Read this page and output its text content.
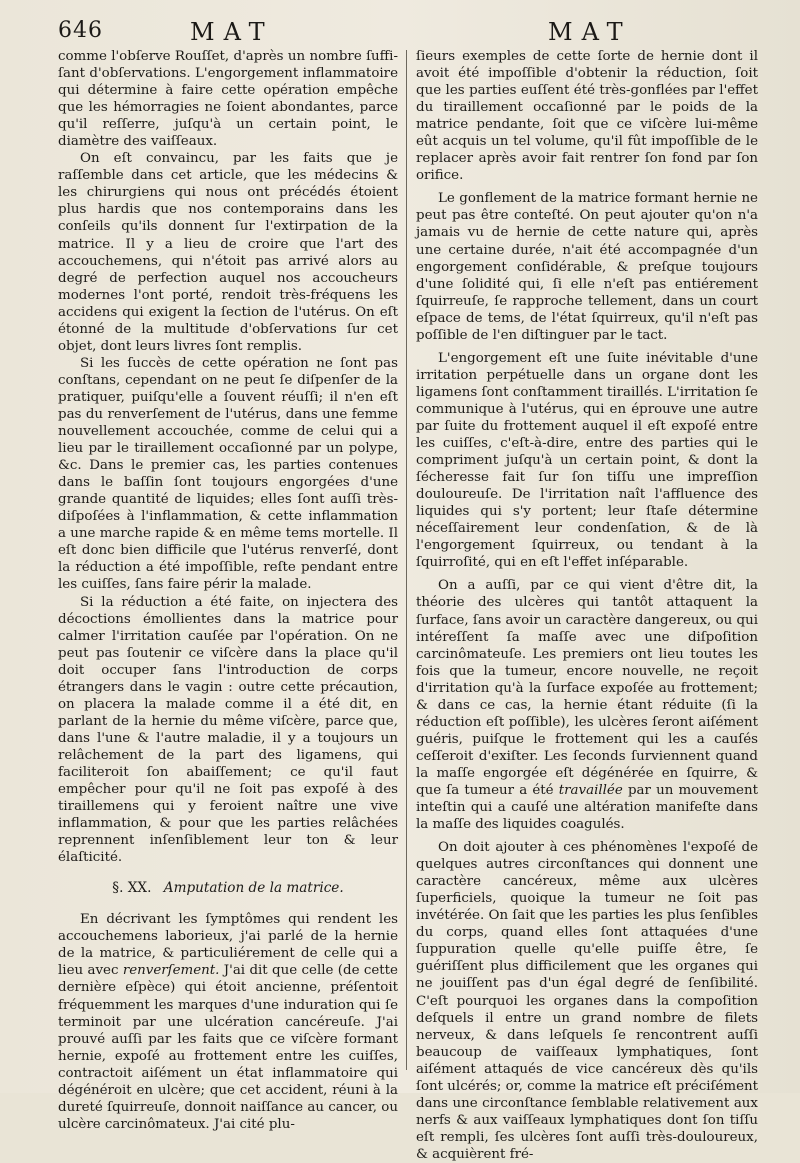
646	MAT	MAT

comme l'obſerve Rouſſet, d'après un nombre ſuffiſant d'obſervations. L'engorgement inflammatoire qui détermine à faire cette opération empêche que les hémorragies ne ſoient abondantes, parce qu'il reſſerre, juſqu'à un certain point, le diamètre des vaiſſeaux.

On eſt convaincu, par les faits que je raſſemble dans cet article, que les médecins & les chirurgiens qui nous ont précédés étoient plus hardis que nos contemporains dans les conſeils qu'ils donnent ſur l'extirpation de la matrice. Il y a lieu de croire que l'art des accouchemens, qui n'étoit pas arrivé alors au degré de perfection auquel nos accoucheurs modernes l'ont porté, rendoit très-fréquens les accidens qui exigent la ſection de l'utérus. On eſt étonné de la multitude d'obſervations ſur cet objet, dont leurs livres ſont remplis.

Si les ſuccès de cette opération ne ſont pas conſtans, cependant on ne peut ſe diſpenſer de la pratiquer, puiſqu'elle a ſouvent réuſſi; il n'en eſt pas du renverſement de l'utérus, dans une femme nouvellement accouchée, comme de celui qui a lieu par le tiraillement occaſionné par un polype, &c. Dans le premier cas, les parties contenues dans le baſſin ſont toujours engorgées d'une grande quantité de liquides; elles ſont auſſi très-diſpoſées à l'inflammation, & cette inflammation a une marche rapide & en même tems mortelle. Il eſt donc bien difficile que l'utérus renverſé, dont la réduction a été impoſſible, reſte pendant entre les cuiſſes, ſans faire périr la malade.

Si la réduction a été faite, on injectera des décoctions émollientes dans la matrice pour calmer l'irritation cauſée par l'opération. On ne peut pas ſoutenir ce viſcère dans la place qu'il doit occuper ſans l'introduction de corps étrangers dans le vagin : outre cette précaution, on placera la malade comme il a été dit, en parlant de la hernie du même viſcère, parce que, dans l'une & l'autre maladie, il y a toujours un relâchement de la part des ligamens, qui faciliteroit ſon abaiſſement; ce qu'il faut empêcher pour qu'il ne ſoit pas expoſé à des tiraillemens qui y feroient naître une vive inflammation, & pour que les parties relâchées reprennent inſenſiblement leur ton & leur élaſticité.

§. XX. Amputation de la matrice.

En décrivant les ſymptômes qui rendent les accouchemens laborieux, j'ai parlé de la hernie de la matrice, & particuliérement de celle qui a lieu avec renverſement. J'ai dit que celle (de cette dernière eſpèce) qui étoit ancienne, préſentoit fréquemment les marques d'une induration qui ſe terminoit par une ulcération cancéreuſe. J'ai prouvé auſſi par les faits que ce viſcère formant hernie, expoſé au frottement entre les cuiſſes, contractoit aiſément un état inflammatoire qui dégénéroit en ulcère; que cet accident, réuni à la dureté ſquirreuſe, donnoit naiſſance au cancer, ou ulcère carcinômateux. J'ai cité plu-

ſieurs exemples de cette ſorte de hernie dont il avoit été impoſſible d'obtenir la réduction, ſoit que les parties euſſent été très-gonflées par l'effet du tiraillement occaſionné par le poids de la matrice pendante, ſoit que ce viſcère lui-même eût acquis un tel volume, qu'il fût impoſſible de le replacer après avoir fait rentrer ſon fond par ſon orifice.

Le gonflement de la matrice formant hernie ne peut pas être conteſté. On peut ajouter qu'on n'a jamais vu de hernie de cette nature qui, après une certaine durée, n'ait été accompagnée d'un engorgement conſidérable, & preſque toujours d'une ſolidité qui, ſi elle n'eſt pas entiérement ſquirreuſe, ſe rapproche tellement, dans un court eſpace de tems, de l'état ſquirreux, qu'il n'eſt pas poſſible de l'en diſtinguer par le tact.

L'engorgement eſt une ſuite inévitable d'une irritation perpétuelle dans un organe dont les ligamens ſont conſtamment tiraillés. L'irritation ſe communique à l'utérus, qui en éprouve une autre par ſuite du frottement auquel il eſt expoſé entre les cuiſſes, c'eſt-à-dire, entre des parties qui le compriment juſqu'à un certain point, & dont la ſécheresse fait ſur ſon tiſſu une impreſſion douloureuſe. De l'irritation naît l'affluence des liquides qui s'y portent; leur ſtaſe détermine néceſſairement leur condenſation, & de là l'engorgement ſquirreux, ou tendant à la ſquirroſité, qui en eſt l'effet inſéparable.

On a auſſi, par ce qui vient d'être dit, la théorie des ulcères qui tantôt attaquent la ſurface, ſans avoir un caractère dangereux, ou qui intéreſſent ſa maſſe avec une diſpoſition carcinômateuſe. Les premiers ont lieu toutes les fois que la tumeur, encore nouvelle, ne reçoit d'irritation qu'à la ſurface expoſée au frottement; & dans ce cas, la hernie étant réduite (ſi la réduction eſt poſſible), les ulcères ſeront aiſément guéris, puiſque le frottement qui les a cauſés ceſſeroit d'exiſter. Les ſeconds ſurviennent quand la maſſe engorgée eſt dégénérée en ſquirre, & que ſa tumeur a été travaillée par un mouvement inteſtin qui a cauſé une altération manifeſte dans la maſſe des liquides coagulés.

On doit ajouter à ces phénomènes l'expoſé de quelques autres circonſtances qui donnent une caractère cancéreux, même aux ulcères ſuperficiels, quoique la tumeur ne ſoit pas invétérée. On ſait que les parties les plus ſenſibles du corps, quand elles ſont attaquées d'une ſuppuration quelle qu'elle puiſſe être, ſe guériſſent plus difficilement que les organes qui ne jouiſſent pas d'un égal degré de ſenſibilité. C'eſt pourquoi les organes dans la compoſition deſquels il entre un grand nombre de filets nerveux, & dans leſquels ſe rencontrent auſſi beaucoup de vaiſſeaux lymphatiques, ſont aiſément attaqués de vice cancéreux dès qu'ils ſont ulcérés; or, comme la matrice eſt préciſément dans une circonſtance ſemblable relativement aux nerfs & aux vaiſſeaux lymphatiques dont ſon tiſſu eſt rempli, ſes ulcères ſont auſſi très-douloureux, & acquièrent fré-
